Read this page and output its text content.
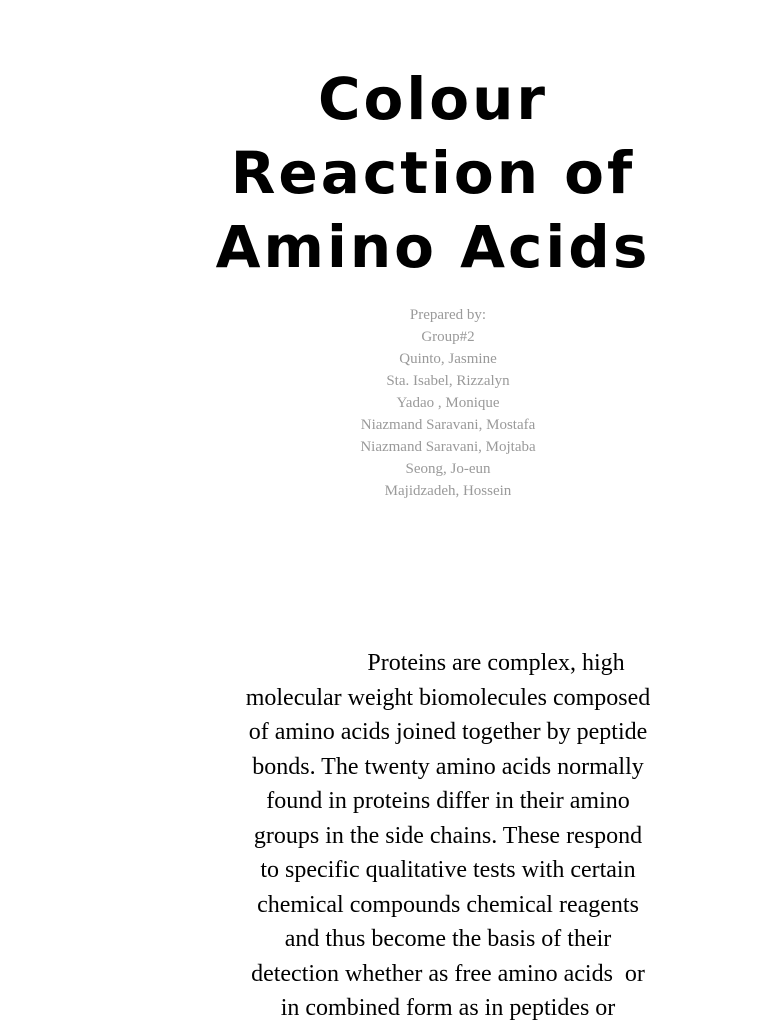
Colour
Reaction of
Amino Acids
Prepared by:
Group#2
Quinto, Jasmine
Sta. Isabel, Rizzalyn
Yadao , Monique
Niazmand Saravani, Mostafa
Niazmand Saravani, Mojtaba
Seong, Jo-eun
Majidzadeh, Hossein

Proteins are complex, high
molecular weight biomolecules composed
of amino acids joined together by peptide
bonds. The twenty amino acids normally
found in proteins differ in their amino
groups in the side chains. These respond
to specific qualitative tests with certain
chemical compounds chemical reagents
and thus become the basis of their
detection whether as free amino acids  or
in combined form as in peptides or
